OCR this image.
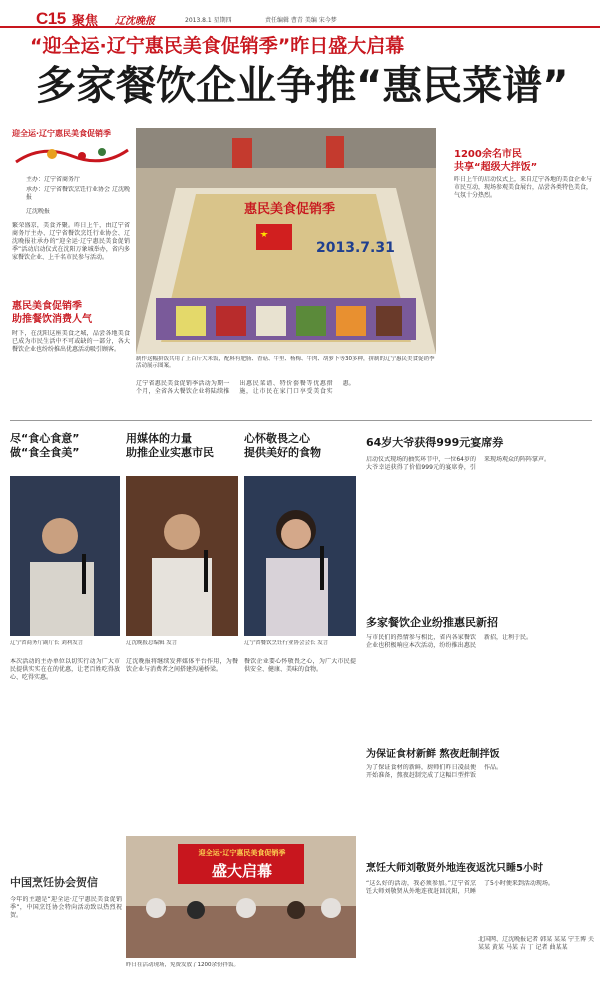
C15 聚焦 辽沈晚报	2013.8.1 星期四	责任编辑 曹青 美编 宋今梦
“迎全运·辽宁惠民美食促销季”昨日盛大启幕
多家餐饮企业争推“惠民菜谱”
迎全运·辽宁惠民美食促销季
主办：辽宁省商务厅
承办：辽宁省餐饮烹饪行业协会 辽沈晚报
辽沈晚报
繁荣盛京，美食齐聚。昨日上午，由辽宁省商务厅主办、辽宁省餐饮烹饪行业协会、辽沈晚报社承办的“迎全运·辽宁惠民美食促销季”活动启动仪式在沈阳万象城举办，省内多家餐饮企业、上千名市民参与活动。
惠民美食促销季
助推餐饮消费人气
时下，在沈阳这座美食之城，品尝各地美食已成为市民生活中不可或缺的一部分，各大餐饮企业也纷纷推出优惠活动吸引顾客。
惠民美食促销季
2013.7.31
制作这幅拼饭共用了上百斤大米饭，配料有肥肠、香菇、牛里、杨梅、牛肉、胡萝卜等30多种，拼制的辽宁惠民美食促销季活动展示图案。
1200余名市民
共享“超级大拌饭”
昨日上午的启动仪式上，来自辽宁各地的美食企业与市民互动，现场参观美食展台，品尝各类特色美食，气氛十分热烈。
辽宁省惠民美食促销季活动为期一个月，全省各大餐饮企业将陆续推出惠民菜谱、特价套餐等优惠措施，让市民在家门口享受美食实惠。
尽“食心食意”
做“食全食美”
用媒体的力量
助推企业实惠市民
心怀敬畏之心
提供美好的食物
辽宁省商务厅副厅长 刘利发言	辽沈晚报总编辑 发言	辽宁省餐饮烹饪行业协会会长 发言
本次活动的主办单位以切实行动为广大市民提供实实在在的优惠，让老百姓吃得放心、吃得实惠。
辽沈晚报将继续发挥媒体平台作用，为餐饮企业与消费者之间搭建沟通桥梁。
餐饮企业要心怀敬畏之心，为广大市民提供安全、健康、美味的食物。
64岁大爷获得999元宴席券
启动仪式现场的抽奖环节中，一位64岁的大爷幸运获得了价值999元的宴席券，引来现场观众的阵阵掌声。
多家餐饮企业纷推惠民新招
与市民们的热情参与相比，省内各家餐饮企业也积极响应本次活动，纷纷推出惠民新招，让利于民。
为保证食材新鲜 熬夜赶制拌饭
为了保证食材的新鲜，厨师们昨日凌晨便开始准备，熬夜赶制完成了这幅巨型拌饭作品。
烹饪大师刘敬贤外地连夜返沈只睡5小时
“这么好的活动，我必须参加。”辽宁省烹饪大师刘敬贤从外地连夜赶回沈阳，只睡了5小时便来到活动现场。
北国网、辽沈晚报记者 韩某 某某 宁王博 关某某 黄某 马某 吉 丁 记者 曲某某
中国烹饪协会贺信
今年的主题是“迎全运·辽宁惠民美食促销季”，中国烹饪协会特向活动致以热烈祝贺。
迎全运·辽宁惠民美食促销季
盛大启幕
昨日在活动现场，免费发放了1200余份拌饭。
